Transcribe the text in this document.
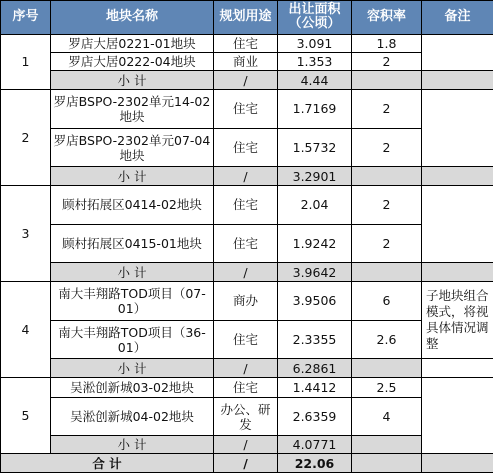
序号	地块名称	规划用途	出让面积（公顷）	容积率	备注
1	罗店大居0221-01地块	住宅	3.091	1.8	
	罗店大居0222-04地块	商业	1.353	2	
	小 计	/	4.44		
2	罗店BSPO-2302单元14-02地块	住宅	1.7169	2	
	罗店BSPO-2302单元07-04地块	住宅	1.5732	2	
	小 计	/	3.2901		
3	顾村拓展区0414-02地块	住宅	2.04	2	
	顾村拓展区0415-01地块	住宅	1.9242	2	
	小 计	/	3.9642		
4	南大丰翔路TOD项目（07-01）	商办	3.9506	6	子地块组合模式，将视具体情况调整
	南大丰翔路TOD项目（36-01）	住宅	2.3355	2.6	
	小 计	/	6.2861		
5	吴淞创新城03-02地块	住宅	1.4412	2.5	
	吴淞创新城04-02地块	办公、研发	2.6359	4	
	小 计	/	4.0771		
合 计		/	22.06		
